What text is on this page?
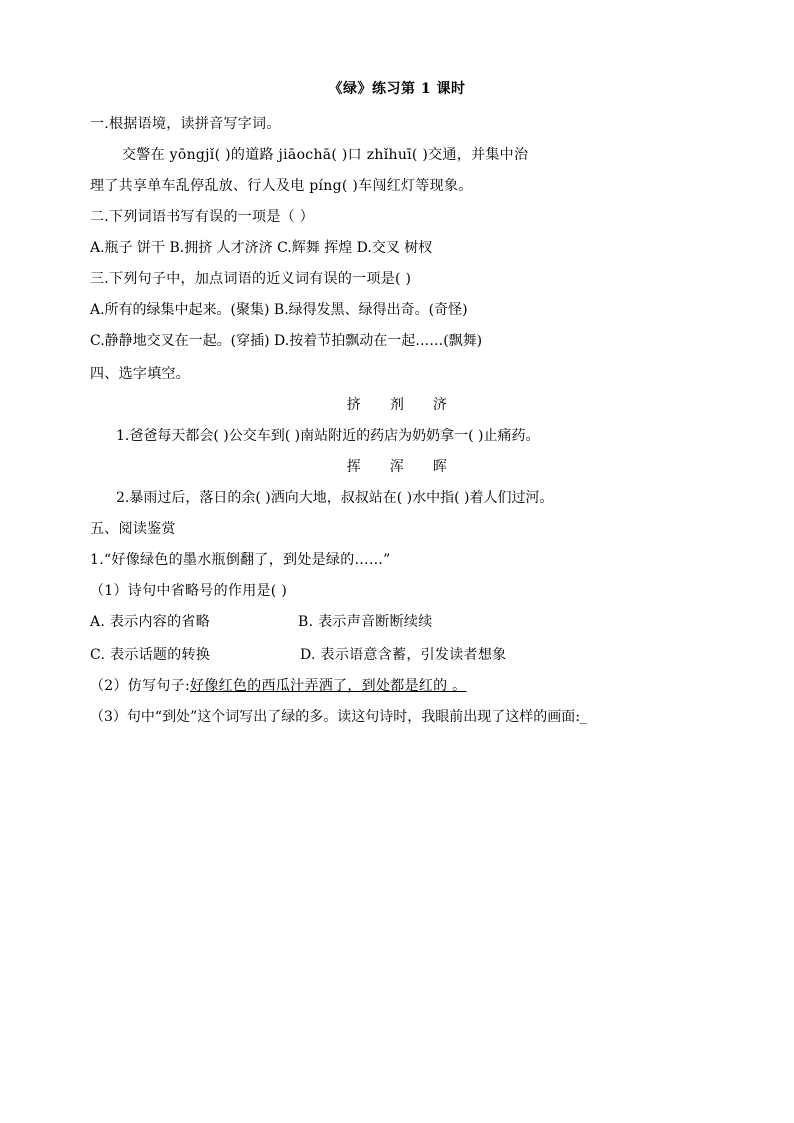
《绿》练习第 1 课时
一.根据语境，读拼音写字词。
交警在 yōngjǐ( )的道路 jiāochā( )口 zhǐhuī( )交通，并集中治
理了共享单车乱停乱放、行人及电 píng( )车闯红灯等现象。
二.下列词语书写有误的一项是（ ）
A.瓶子 饼干 B.拥挤 人才济济 C.辉舞 挥煌 D.交叉 树杈
三.下列句子中，加点词语的近义词有误的一项是( )
A.所有的绿集中起来。(聚集) B.绿得发黑、绿得出奇。(奇怪)
C.静静地交叉在一起。(穿插) D.按着节拍飘动在一起……(飘舞)
四、选字填空。
挤 剂 济
1.爸爸每天都会( )公交车到( )南站附近的药店为奶奶拿一( )止痛药。
挥 浑 晖
2.暴雨过后，落日的余( )洒向大地，叔叔站在( )水中指( )着人们过河。
五、阅读鉴赏
1.“好像绿色的墨水瓶倒翻了，到处是绿的……”
（1）诗句中省略号的作用是( )
A. 表示内容的省略	B. 表示声音断断续续
C. 表示话题的转换	D. 表示语意含蓄，引发读者想象
（2）仿写句子:好像红色的西瓜汁弄洒了，到处都是红的 。
（3）句中“到处”这个词写出了绿的多。读这句诗时，我眼前出现了这样的画面:_
